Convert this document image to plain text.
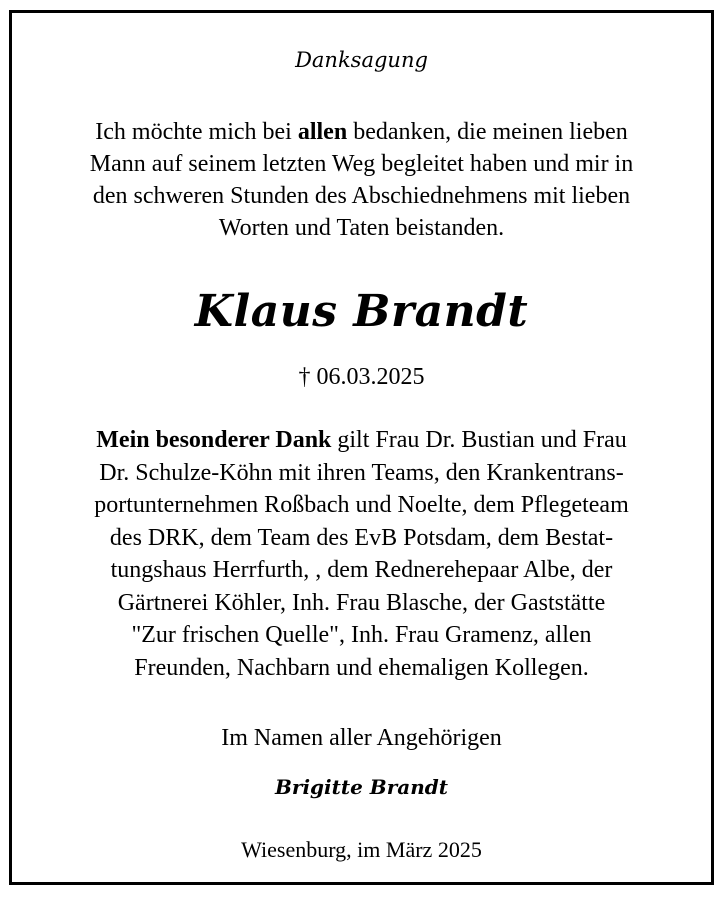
Danksagung
Ich möchte mich bei allen bedanken, die meinen lieben
Mann auf seinem letzten Weg begleitet haben und mir in
den schweren Stunden des Abschiednehmens mit lieben
Worten und Taten beistanden.
Klaus Brandt
† 06.03.2025
Mein besonderer Dank gilt Frau Dr. Bustian und Frau
Dr. Schulze-Köhn mit ihren Teams, den Krankentrans-
portunternehmen Roßbach und Noelte, dem Pflegeteam
des DRK, dem Team des EvB Potsdam, dem Bestat-
tungshaus Herrfurth, , dem Rednerehepaar Albe, der
Gärtnerei Köhler, Inh. Frau Blasche, der Gaststätte
"Zur frischen Quelle", Inh. Frau Gramenz, allen
Freunden, Nachbarn und ehemaligen Kollegen.
Im Namen aller Angehörigen
Brigitte Brandt
Wiesenburg, im März 2025
